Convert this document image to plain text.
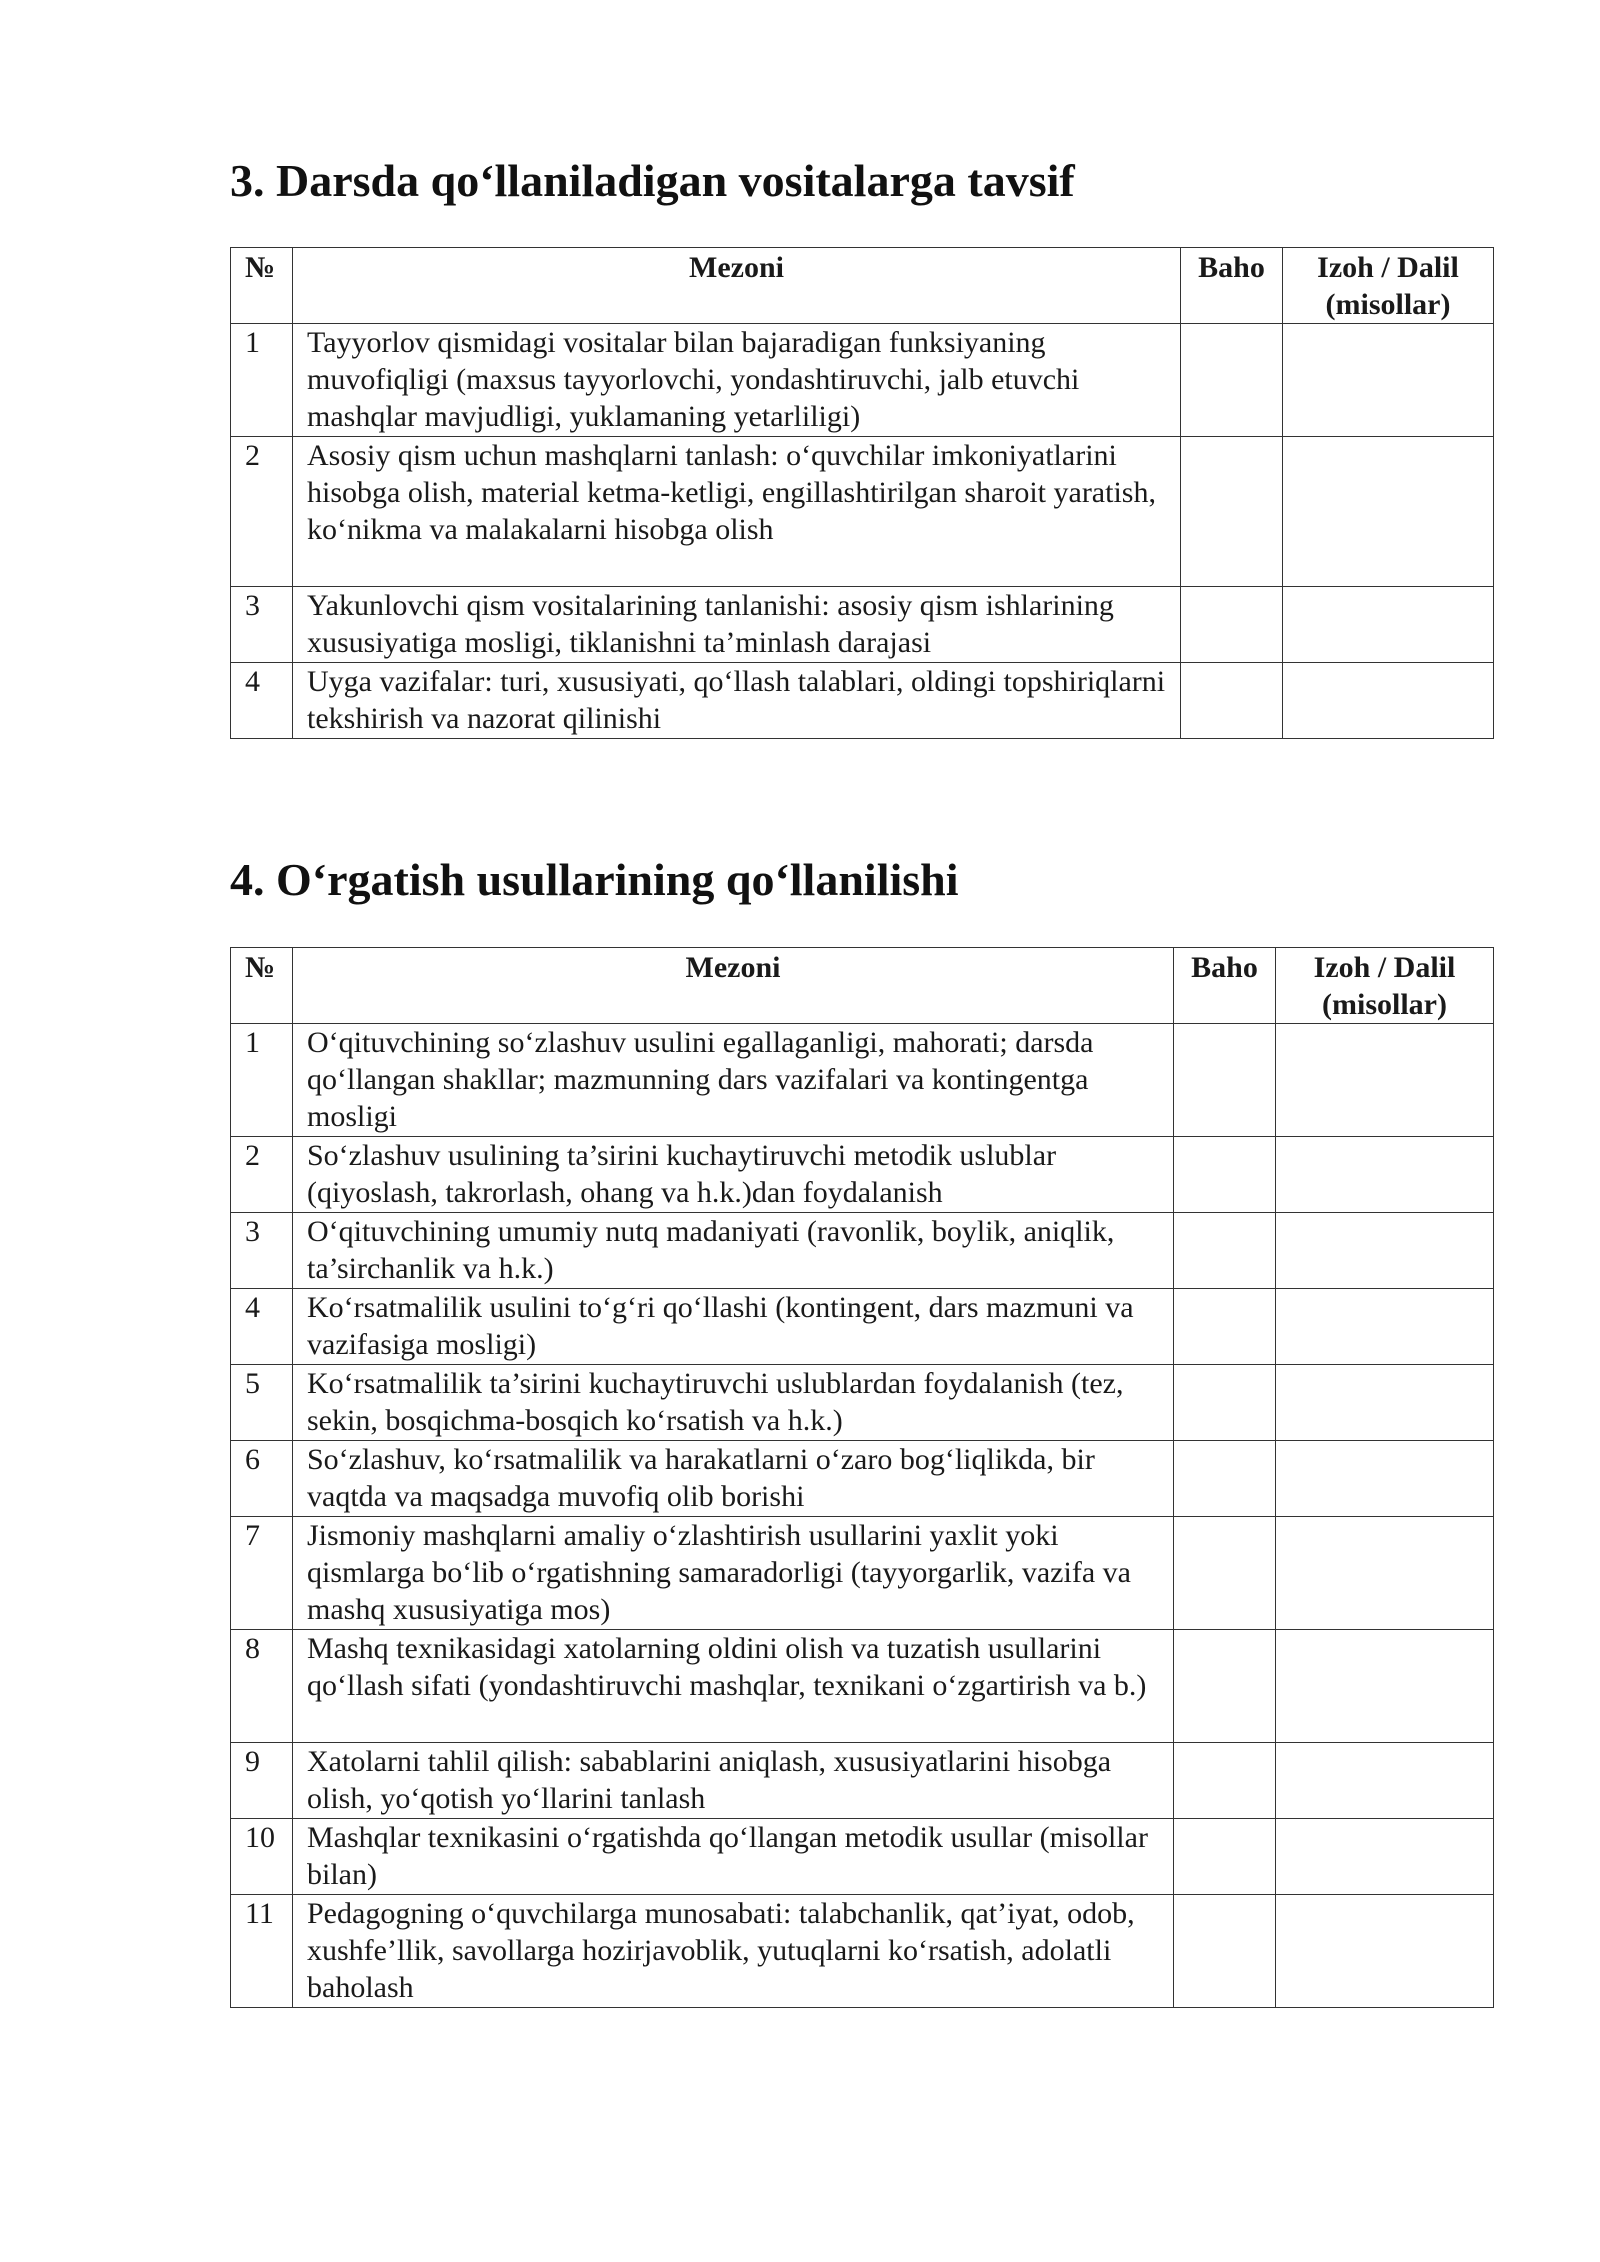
3. Darsda qo‘llaniladigan vositalarga tavsif
№	Mezoni	Baho	Izoh / Dalil (misollar)
1	Tayyorlov qismidagi vositalar bilan bajaradigan funksiyaning muvofiqligi (maxsus tayyorlovchi, yondashtiruvchi, jalb etuvchi mashqlar mavjudligi, yuklamaning yetarliligi)		
2	Asosiy qism uchun mashqlarni tanlash: o‘quvchilar imkoniyatlarini hisobga olish, material ketma-ketligi, engillashtirilgan sharoit yaratish, ko‘nikma va malakalarni hisobga olish		
3	Yakunlovchi qism vositalarining tanlanishi: asosiy qism ishlarining xususiyatiga mosligi, tiklanishni ta’minlash darajasi		
4	Uyga vazifalar: turi, xususiyati, qo‘llash talablari, oldingi topshiriqlarni tekshirish va nazorat qilinishi		
4. O‘rgatish usullarining qo‘llanilishi
№	Mezoni	Baho	Izoh / Dalil (misollar)
1	O‘qituvchining so‘zlashuv usulini egallaganligi, mahorati; darsda qo‘llangan shakllar; mazmunning dars vazifalari va kontingentga mosligi		
2	So‘zlashuv usulining ta’sirini kuchaytiruvchi metodik uslublar (qiyoslash, takrorlash, ohang va h.k.)dan foydalanish		
3	O‘qituvchining umumiy nutq madaniyati (ravonlik, boylik, aniqlik, ta’sirchanlik va h.k.)		
4	Ko‘rsatmalilik usulini to‘g‘ri qo‘llashi (kontingent, dars mazmuni va vazifasiga mosligi)		
5	Ko‘rsatmalilik ta’sirini kuchaytiruvchi uslublardan foydalanish (tez, sekin, bosqichma-bosqich ko‘rsatish va h.k.)		
6	So‘zlashuv, ko‘rsatmalilik va harakatlarni o‘zaro bog‘liqlikda, bir vaqtda va maqsadga muvofiq olib borishi		
7	Jismoniy mashqlarni amaliy o‘zlashtirish usullarini yaxlit yoki qismlarga bo‘lib o‘rgatishning samaradorligi (tayyorgarlik, vazifa va mashq xususiyatiga mos)		
8	Mashq texnikasidagi xatolarning oldini olish va tuzatish usullarini qo‘llash sifati (yondashtiruvchi mashqlar, texnikani o‘zgartirish va b.)		
9	Xatolarni tahlil qilish: sabablarini aniqlash, xususiyatlarini hisobga olish, yo‘qotish yo‘llarini tanlash		
10	Mashqlar texnikasini o‘rgatishda qo‘llangan metodik usullar (misollar bilan)		
11	Pedagogning o‘quvchilarga munosabati: talabchanlik, qat’iyat, odob, xushfe’llik, savollarga hozirjavoblik, yutuqlarni ko‘rsatish, adolatli baholash		
